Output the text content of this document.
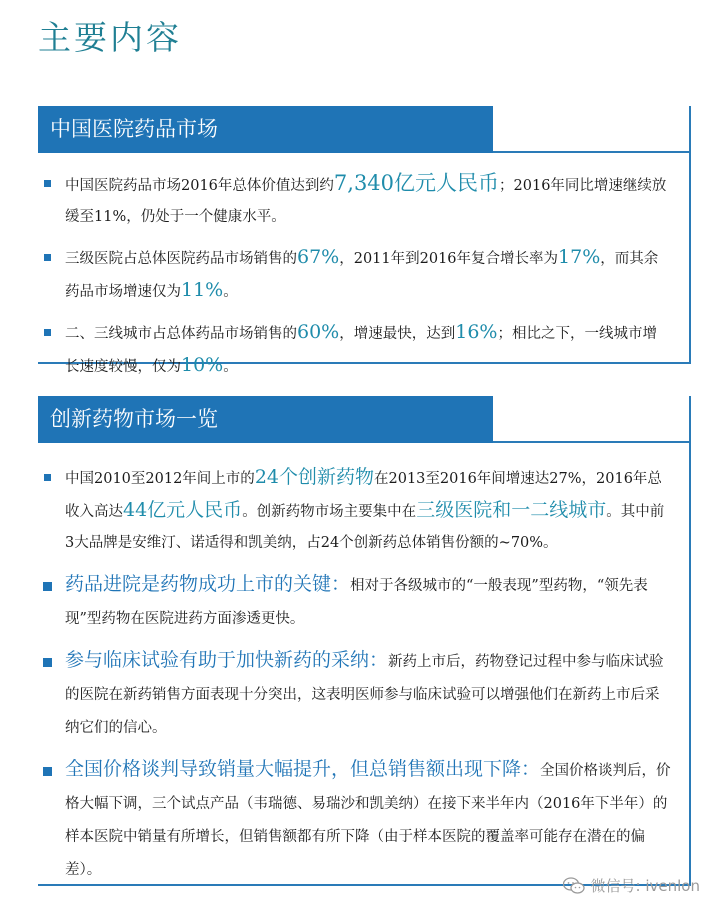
主要内容
中国医院药品市场
中国医院药品市场2016年总体价值达到约7,340亿元人民币；2016年同比增速继续放缓至11%，仍处于一个健康水平。
三级医院占总体医院药品市场销售的67%，2011年到2016年复合增长率为17%，而其余药品市场增速仅为11%。
二、三线城市占总体药品市场销售的60%，增速最快，达到16%；相比之下，一线城市增长速度较慢，仅为10%。
创新药物市场一览
中国2010至2012年间上市的24个创新药物在2013至2016年间增速达27%，2016年总收入高达44亿元人民币。创新药物市场主要集中在三级医院和一二线城市。其中前3大品牌是安维汀、诺适得和凯美纳，占24个创新药总体销售份额的~70%。
药品进院是药物成功上市的关键：相对于各级城市的“一般表现”型药物，“领先表现”型药物在医院进药方面渗透更快。
参与临床试验有助于加快新药的采纳：新药上市后，药物登记过程中参与临床试验的医院在新药销售方面表现十分突出，这表明医师参与临床试验可以增强他们在新药上市后采纳它们的信心。
全国价格谈判导致销量大幅提升，但总销售额出现下降：全国价格谈判后，价格大幅下调，三个试点产品（韦瑞德、易瑞沙和凯美纳）在接下来半年内（2016年下半年）的样本医院中销量有所增长，但销售额都有所下降（由于样本医院的覆盖率可能存在潜在的偏差）。
微信号: ivenlon
